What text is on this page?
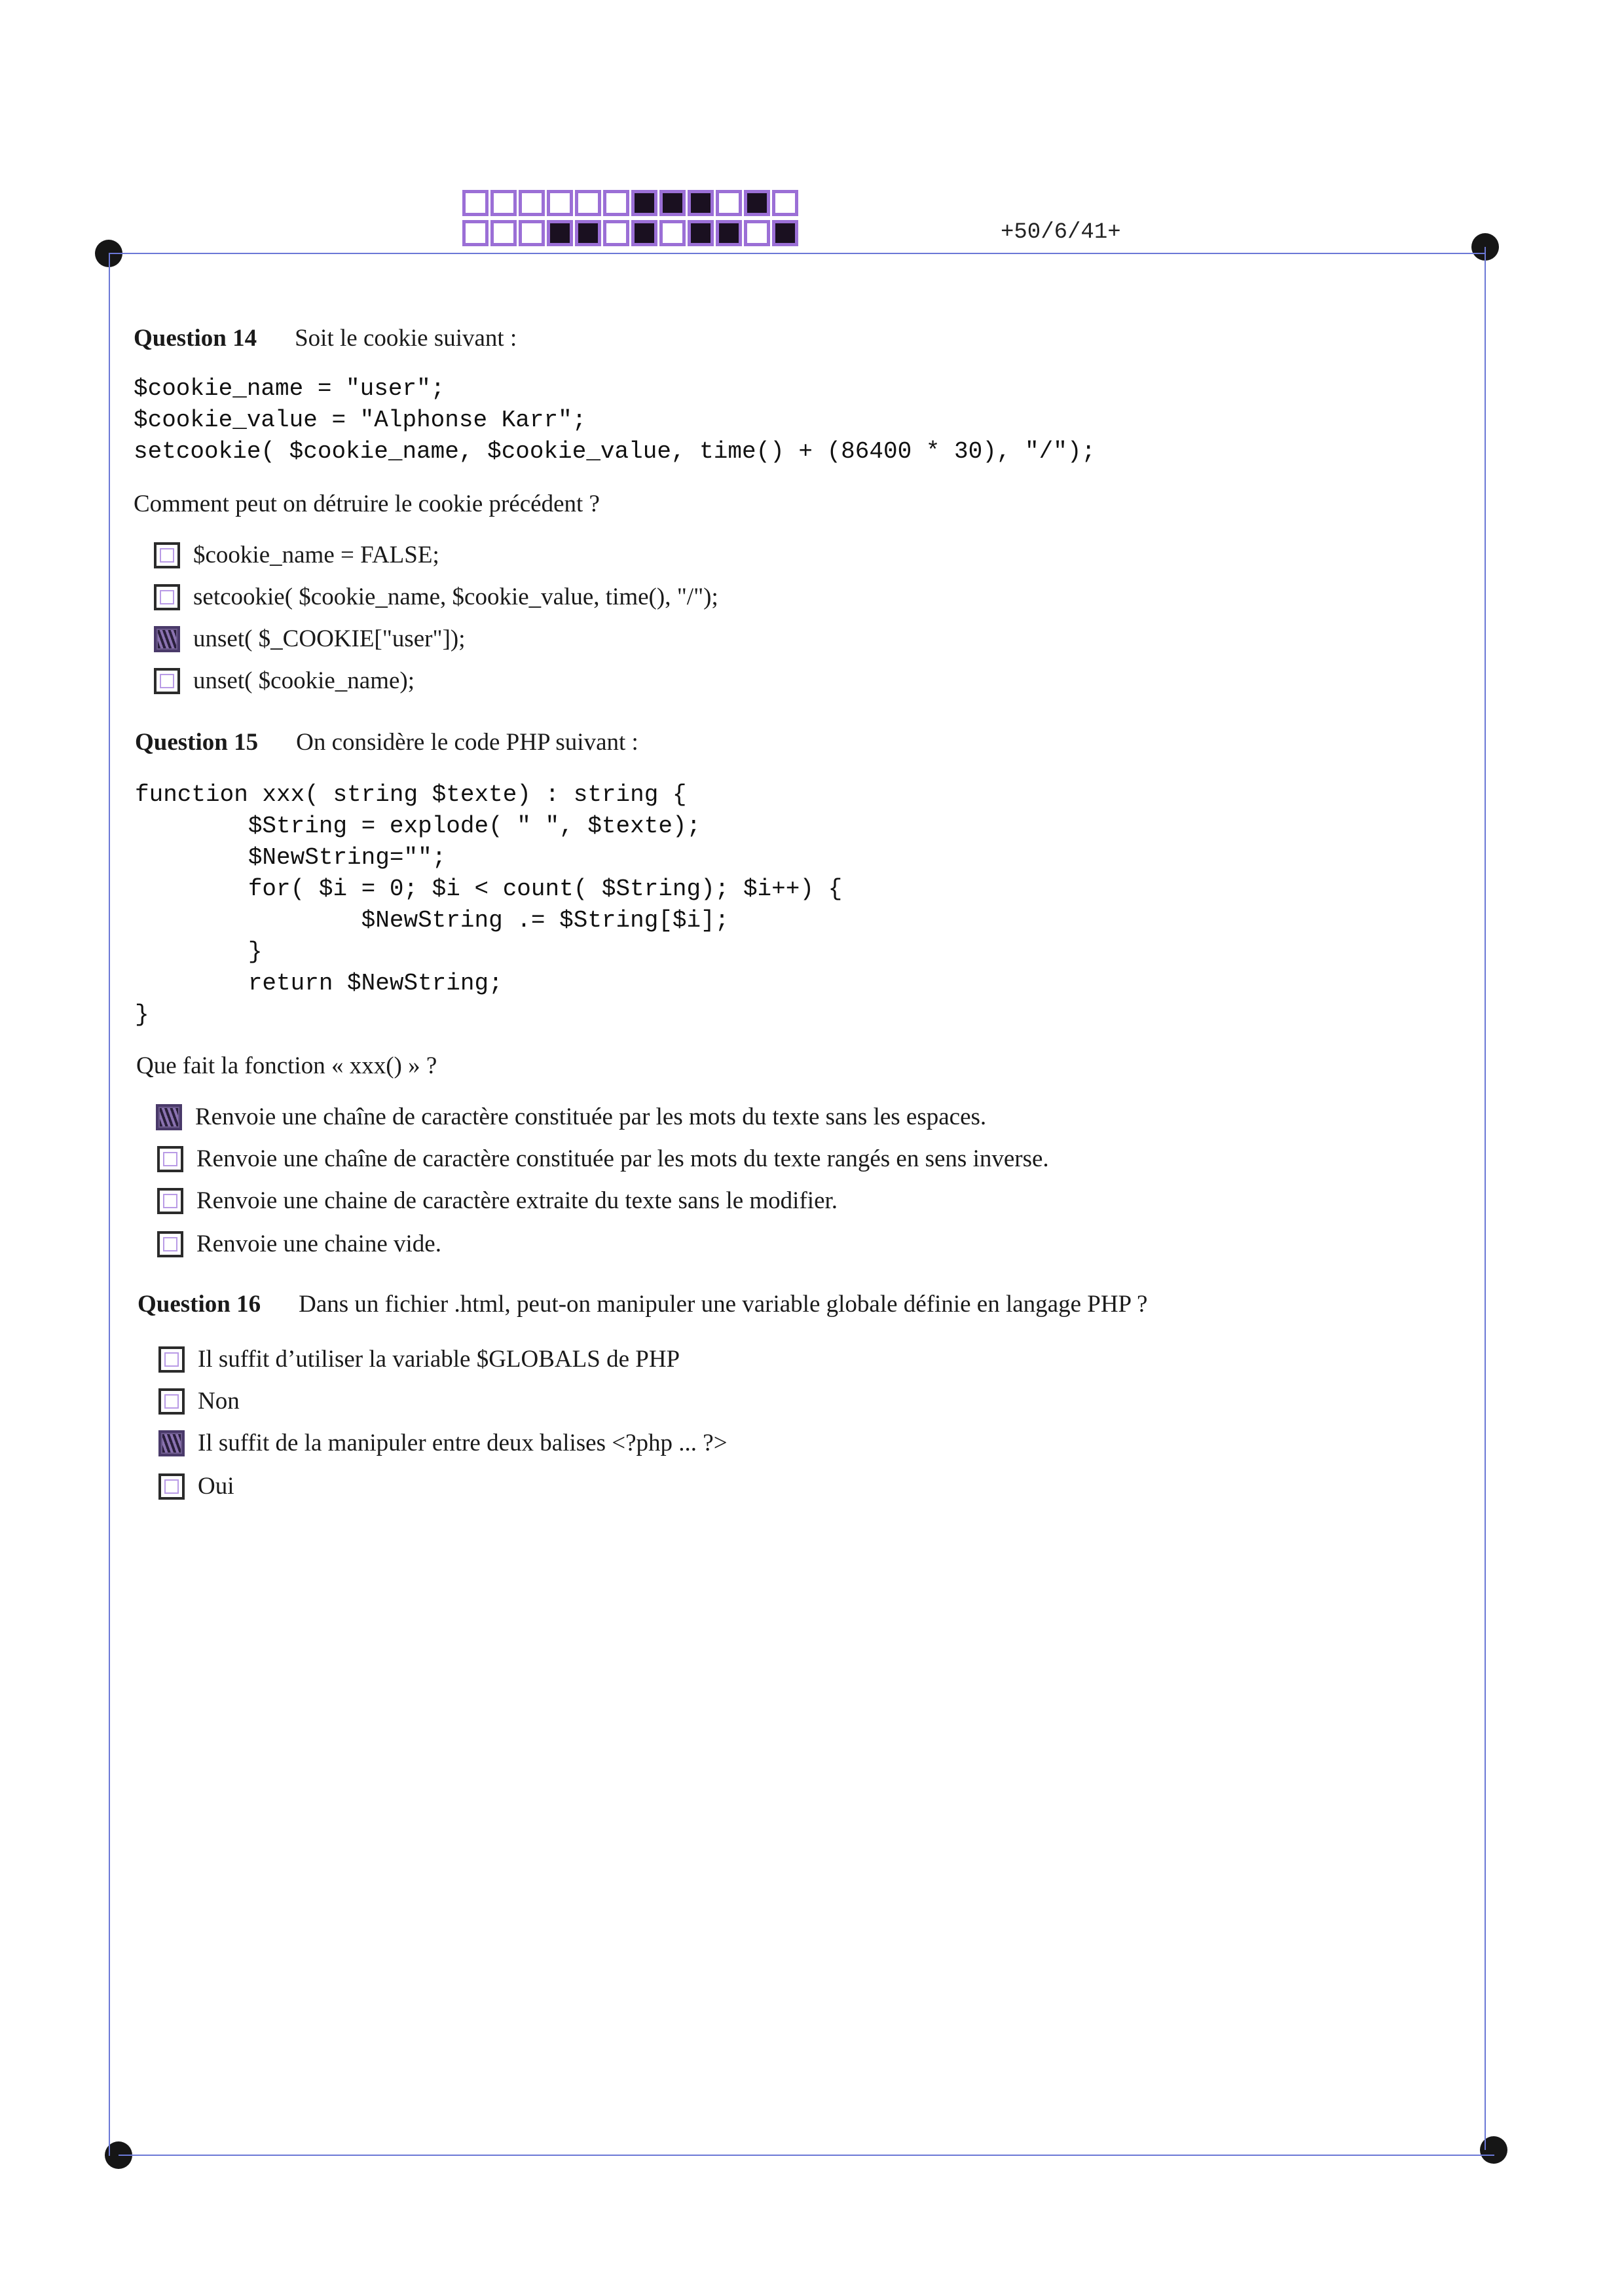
+50/6/41+
Question 14 Soit le cookie suivant :
$cookie_name = "user";
$cookie_value = "Alphonse Karr";
setcookie( $cookie_name, $cookie_value, time() + (86400 * 30), "/");
Comment peut on détruire le cookie précédent ?
$cookie_name = FALSE;
setcookie( $cookie_name, $cookie_value, time(), "/");
unset( $_COOKIE["user"]);
unset( $cookie_name);
Question 15 On considère le code PHP suivant :
function xxx( string $texte) : string {
$String = explode( " ", $texte);
$NewString="";
for( $i = 0; $i < count( $String); $i++) {
$NewString .= $String[$i];
}
return $NewString;
}
Que fait la fonction « xxx() » ?
Renvoie une chaîne de caractère constituée par les mots du texte sans les espaces.
Renvoie une chaîne de caractère constituée par les mots du texte rangés en sens inverse.
Renvoie une chaine de caractère extraite du texte sans le modifier.
Renvoie une chaine vide.
Question 16 Dans un fichier .html, peut-on manipuler une variable globale définie en langage PHP ?
Il suffit d’utiliser la variable $GLOBALS de PHP
Non
Il suffit de la manipuler entre deux balises <?php ... ?>
Oui
